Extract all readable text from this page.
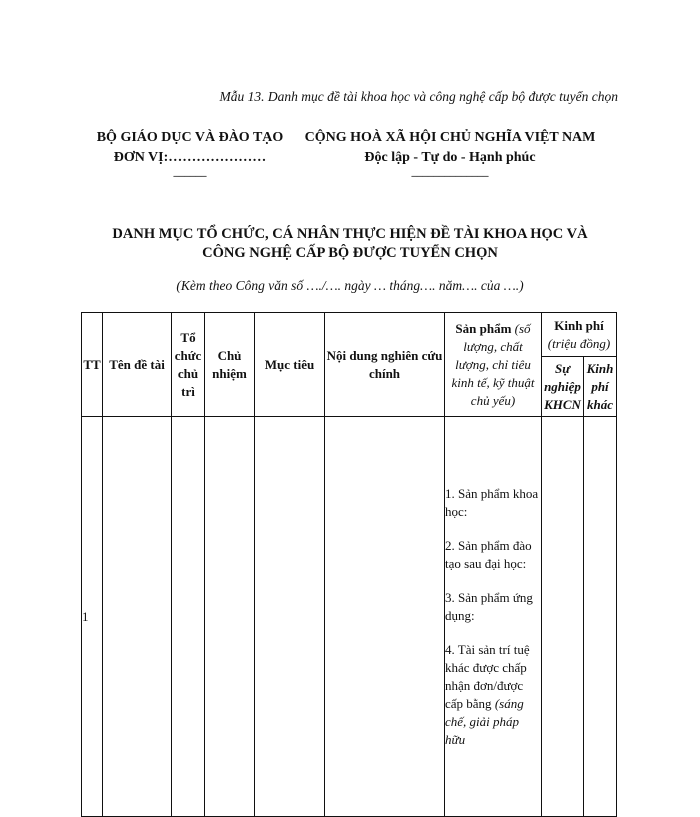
Mẫu 13. Danh mục đề tài khoa học và công nghệ cấp bộ được tuyển chọn
BỘ GIÁO DỤC VÀ ĐÀO TẠO
ĐƠN VỊ:…………………
______
CỘNG HOÀ XÃ HỘI CHỦ NGHĨA VIỆT NAM
Độc lập - Tự do - Hạnh phúc
______________
DANH MỤC TỔ CHỨC, CÁ NHÂN THỰC HIỆN ĐỀ TÀI KHOA HỌC VÀ
CÔNG NGHỆ CẤP BỘ ĐƯỢC TUYỂN CHỌN
(Kèm theo Công văn số …./…. ngày … tháng…. năm…. của ….)
TT	Tên đề tài	Tổ chức chủ trì	Chủ nhiệm	Mục tiêu	Nội dung nghiên cứu chính	Sản phẩm (số lượng, chất lượng, chỉ tiêu kinh tế, kỹ thuật chủ yếu)	Kinh phí
(triệu đồng)	

							Sự nghiệp KHCN	Kinh phí khác
1						1. Sản phẩm khoa học:

2. Sản phẩm đào tạo sau đại học:

3. Sản phẩm ứng dụng:

4. Tài sản trí tuệ khác được chấp nhận đơn/được cấp bằng (sáng chế, giải pháp hữu		
